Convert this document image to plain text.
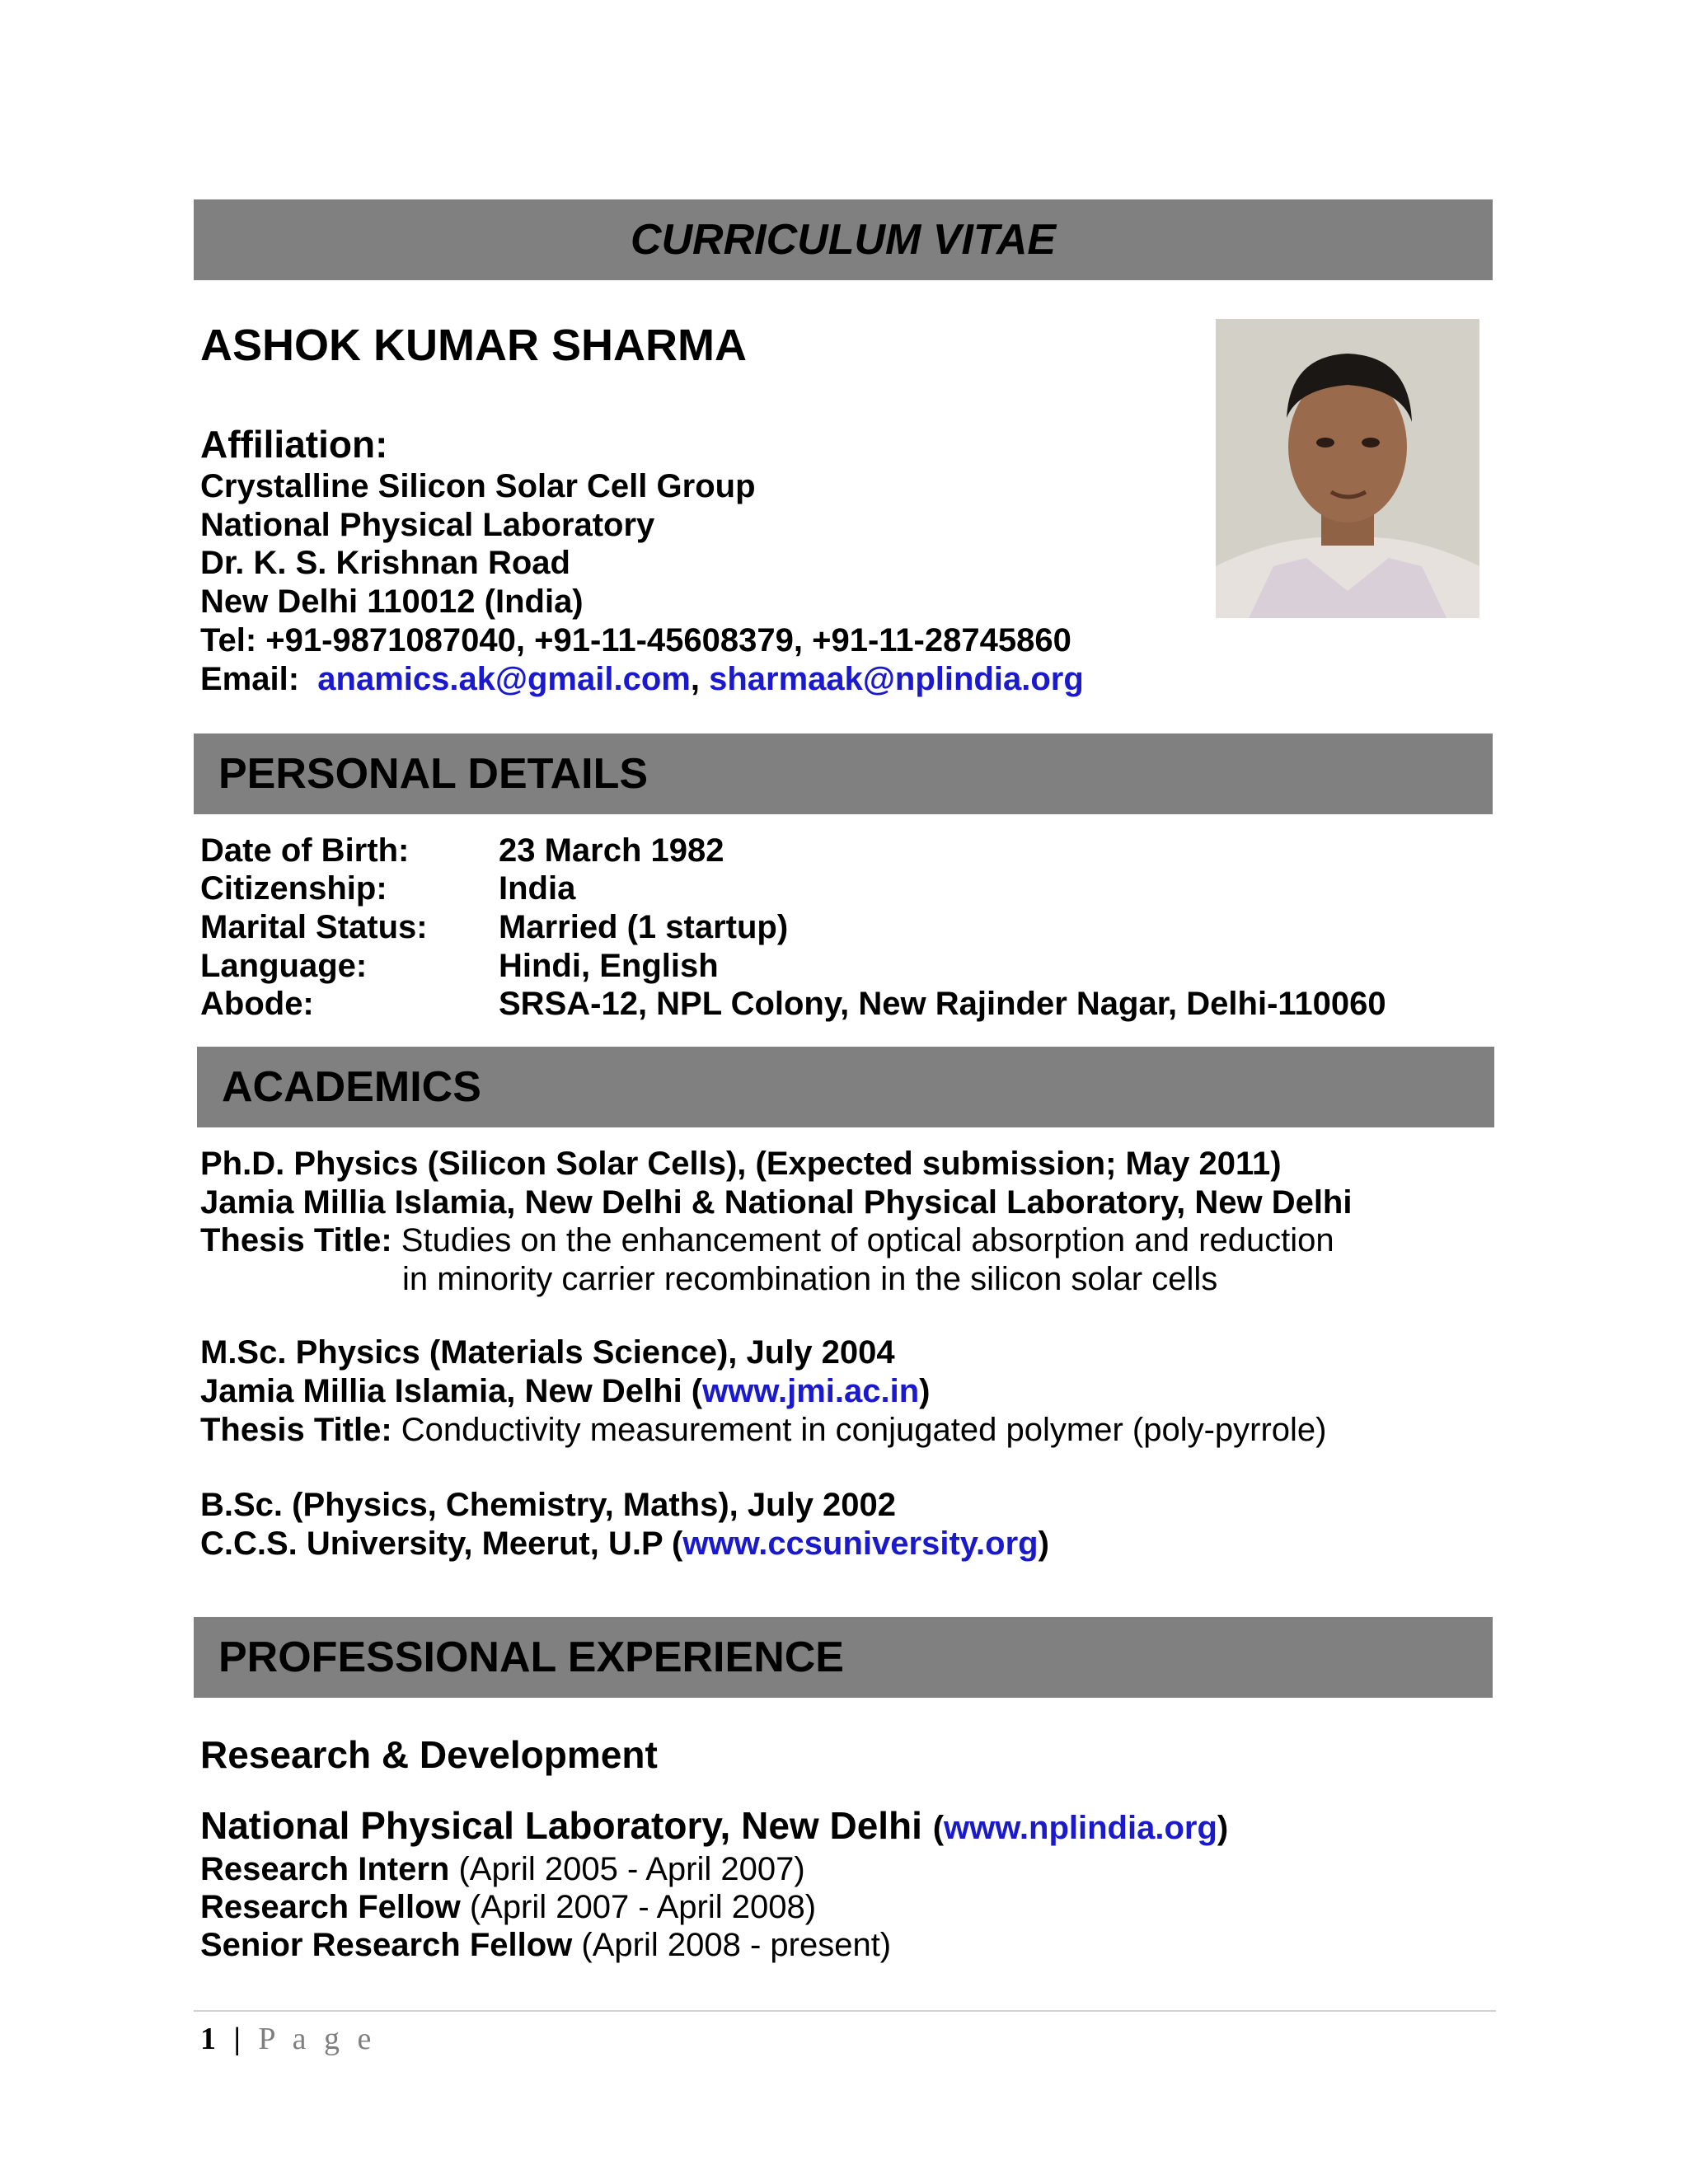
CURRICULUM VITAE
ASHOK KUMAR SHARMA
Affiliation:
Crystalline Silicon Solar Cell Group
National Physical Laboratory
Dr. K. S. Krishnan Road
New Delhi 110012 (India)
Tel: +91-9871087040, +91-11-45608379, +91-11-28745860
Email: anamics.ak@gmail.com, sharmaak@nplindia.org
PERSONAL DETAILS
Date of Birth:	23 March 1982
Citizenship:	India
Marital Status: Married (1 startup)
Language:	Hindi, English
Abode:	SRSA-12, NPL Colony, New Rajinder Nagar, Delhi-110060
ACADEMICS
Ph.D. Physics (Silicon Solar Cells), (Expected submission; May 2011)
Jamia Millia Islamia, New Delhi & National Physical Laboratory, New Delhi
Thesis Title: Studies on the enhancement of optical absorption and reduction
in minority carrier recombination in the silicon solar cells
M.Sc. Physics (Materials Science), July 2004
Jamia Millia Islamia, New Delhi (www.jmi.ac.in)
Thesis Title: Conductivity measurement in conjugated polymer (poly-pyrrole)
B.Sc. (Physics, Chemistry, Maths), July 2002
C.C.S. University, Meerut, U.P (www.ccsuniversity.org)
PROFESSIONAL EXPERIENCE
Research & Development
National Physical Laboratory, New Delhi (www.nplindia.org)
Research Intern (April 2005 - April 2007)
Research Fellow (April 2007 - April 2008)
Senior Research Fellow (April 2008 - present)
1 | P a g e
